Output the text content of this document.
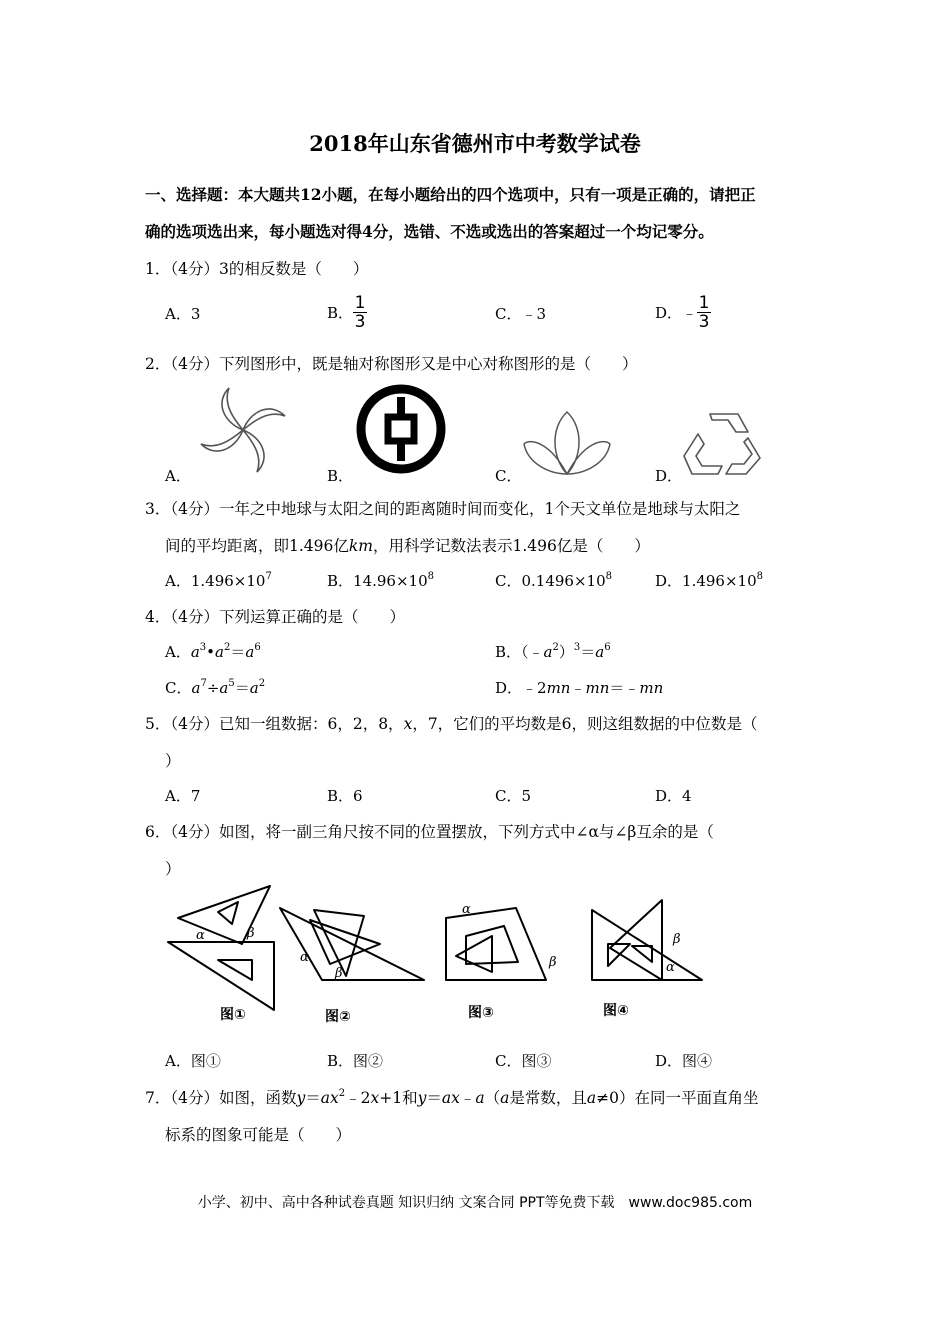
2018年山东省德州市中考数学试卷
一、选择题：本大题共12小题，在每小题给出的四个选项中，只有一项是正确的，请把正
确的选项选出来，每小题选对得4分，选错、不选或选出的答案超过一个均记零分。
1．（4分）3的相反数是（　　）
A．3	B． $\frac{1}{3}$	C．﹣3	D．﹣ $\frac{1}{3}$
2．（4分）下列图形中，既是轴对称图形又是中心对称图形的是（　　）
A．	B．	C．	D．
3．（4分）一年之中地球与太阳之间的距离随时间而变化，1个天文单位是地球与太阳之
间的平均距离，即1.496亿km，用科学记数法表示1.496亿是（　　）
A．$1.496\times 10^7$	B．$14.96\times 10^8$	C．$0.1496\times 10^8$	D．$1.496\times 10^8$
4．（4分）下列运算正确的是（　　）
A．$a^3•a^2=a^6$	B．$(﹣a^2)^3=a^6$
C．$a^7\div a^5=a^2$	D．﹣2mn﹣mn＝﹣mn
5．（4分）已知一组数据：6，2，8，x，7，它们的平均数是6，则这组数据的中位数是（
）
A．7	B．6	C．5	D．4
6．（4分）如图，将一副三角尺按不同的位置摆放，下列方式中∠α与∠β互余的是（
）
α	β
α
β
α
β	α
β
图①	图②	图③	图④
A．图①	B．图②	C．图③	D．图④
7．（4分）如图，函数$y=ax^2﹣2x+1$和y＝ax﹣a（a是常数，且a≠0）在同一平面直角坐
标系的图象可能是（　　）
小学、初中、高中各种试卷真题 知识归纳 文案合同 PPT等免费下载　www.doc985.com
